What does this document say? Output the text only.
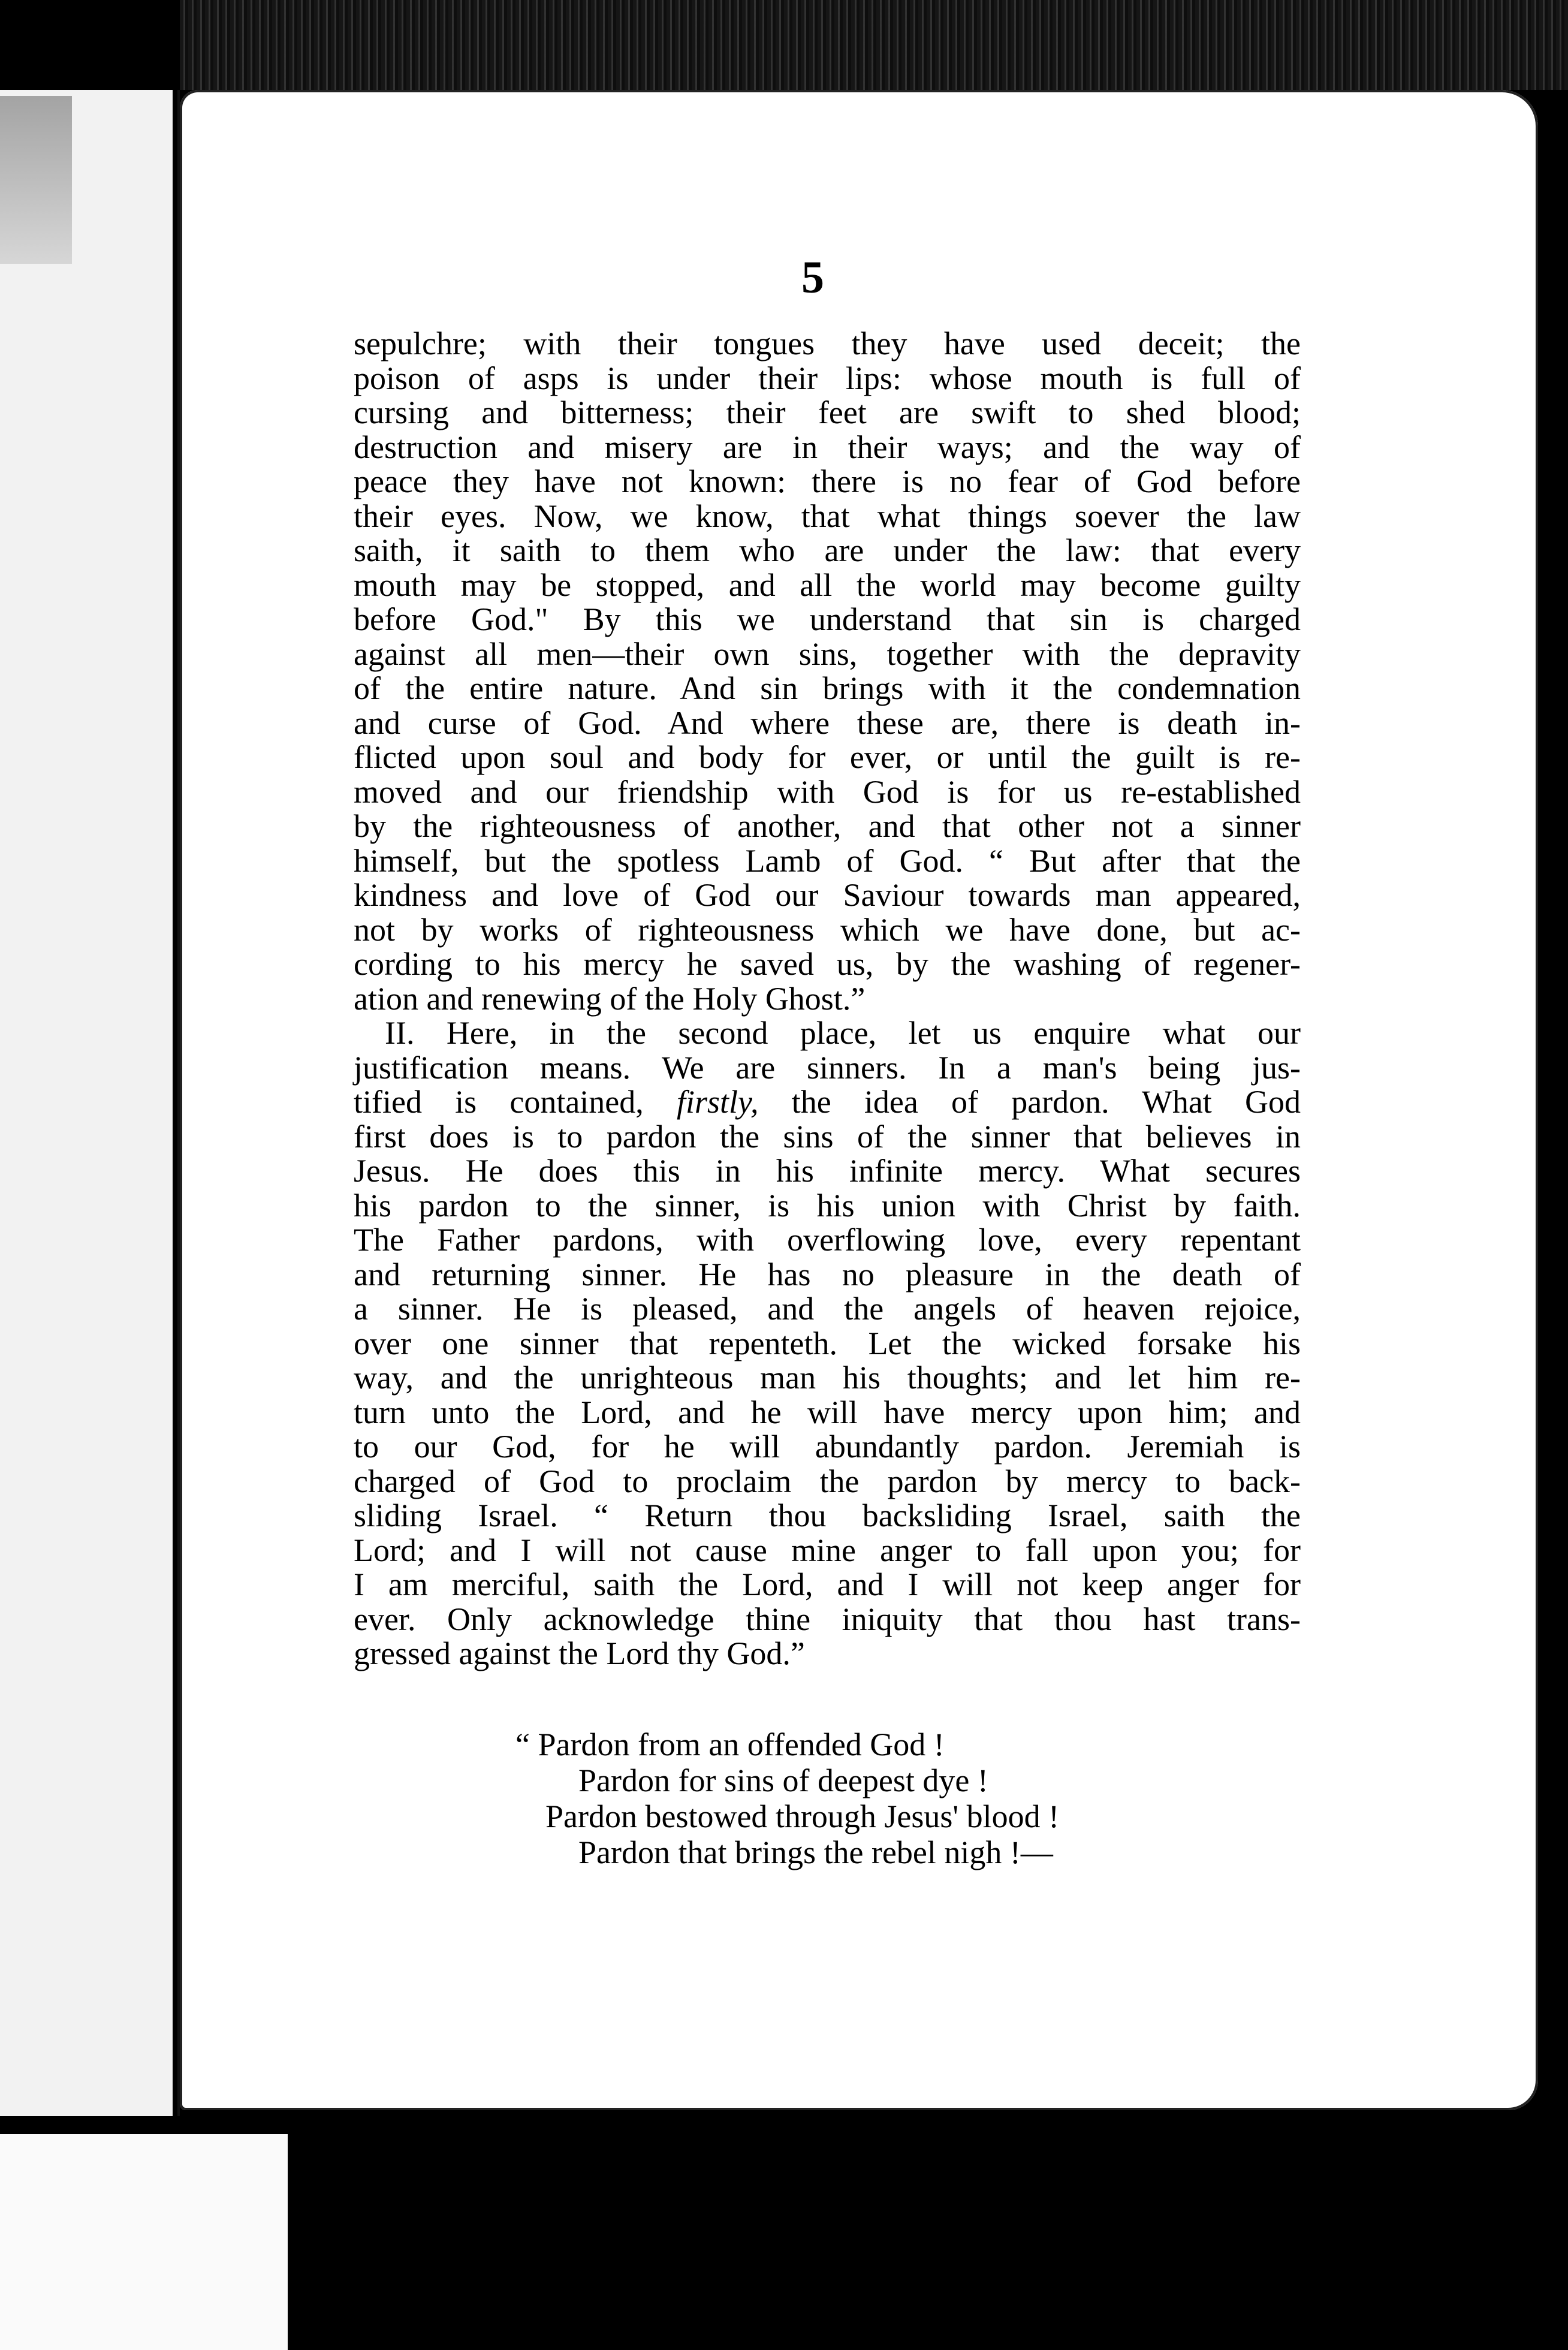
5
sepulchre; with their tongues they have used deceit; the
poison of asps is under their lips: whose mouth is full of
cursing and bitterness; their feet are swift to shed blood;
destruction and misery are in their ways; and the way of
peace they have not known: there is no fear of God before
their eyes. Now, we know, that what things soever the law
saith, it saith to them who are under the law: that every
mouth may be stopped, and all the world may become guilty
before God." By this we understand that sin is charged
against all men—their own sins, together with the depravity
of the entire nature. And sin brings with it the condemnation
and curse of God. And where these are, there is death in-
flicted upon soul and body for ever, or until the guilt is re-
moved and our friendship with God is for us re-established
by the righteousness of another, and that other not a sinner
himself, but the spotless Lamb of God. “ But after that the
kindness and love of God our Saviour towards man appeared,
not by works of righteousness which we have done, but ac-
cording to his mercy he saved us, by the washing of regener-
ation and renewing of the Holy Ghost.”
II. Here, in the second place, let us enquire what our
justification means. We are sinners. In a man's being jus-
tified is contained, firstly, the idea of pardon. What God
first does is to pardon the sins of the sinner that believes in
Jesus. He does this in his infinite mercy. What secures
his pardon to the sinner, is his union with Christ by faith.
The Father pardons, with overflowing love, every repentant
and returning sinner. He has no pleasure in the death of
a sinner. He is pleased, and the angels of heaven rejoice,
over one sinner that repenteth. Let the wicked forsake his
way, and the unrighteous man his thoughts; and let him re-
turn unto the Lord, and he will have mercy upon him; and
to our God, for he will abundantly pardon. Jeremiah is
charged of God to proclaim the pardon by mercy to back-
sliding Israel. “ Return thou backsliding Israel, saith the
Lord; and I will not cause mine anger to fall upon you; for
I am merciful, saith the Lord, and I will not keep anger for
ever. Only acknowledge thine iniquity that thou hast trans-
gressed against the Lord thy God.”
“ Pardon from an offended God !
Pardon for sins of deepest dye !
Pardon bestowed through Jesus' blood !
Pardon that brings the rebel nigh !—
